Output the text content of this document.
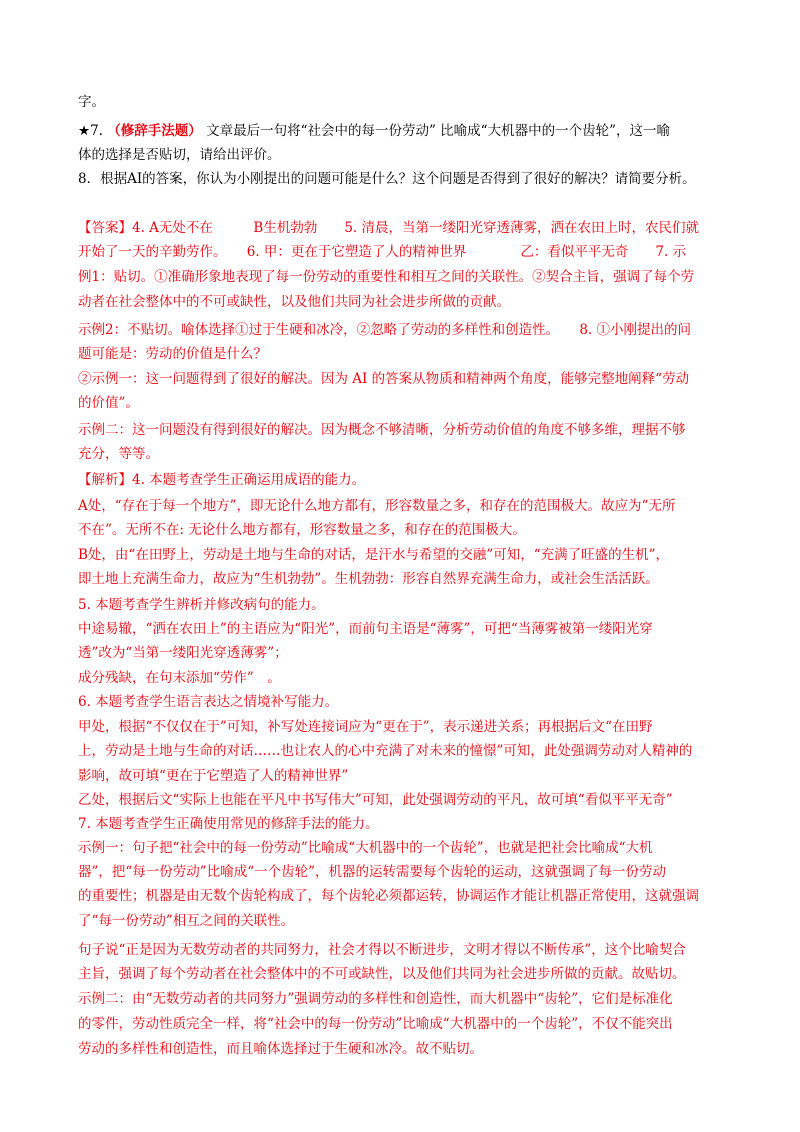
字。
★7. （修辞手法题） 文章最后一句将“社会中的每一份劳动” 比喻成“大机器中的一个齿轮”，这一喻
体的选择是否贴切，请给出评价。
8．根据AI的答案，你认为小刚提出的问题可能是什么？这个问题是否得到了很好的解决？请简要分析。
【答案】4. A无处不在　　　B生机勃勃　　5. 清晨，当第一缕阳光穿透薄雾，洒在农田上时，农民们就
开始了一天的辛勤劳作。　　6. 甲：更在于它塑造了人的精神世界　　　　乙：看似平平无奇　　7. 示
例1：贴切。①准确形象地表现了每一份劳动的重要性和相互之间的关联性。②契合主旨，强调了每个劳
动者在社会整体中的不可或缺性，以及他们共同为社会进步所做的贡献。
示例2：不贴切。喻体选择①过于生硬和冰冷，②忽略了劳动的多样性和创造性。　　8. ①小刚提出的问
题可能是：劳动的价值是什么？
②示例一：这一问题得到了很好的解决。因为 AI 的答案从物质和精神两个角度，能够完整地阐释“劳动
的价值”。
示例二：这一问题没有得到很好的解决。因为概念不够清晰，分析劳动价值的角度不够多维，理据不够
充分，等等。
【解析】4. 本题考查学生正确运用成语的能力。
A处，“存在于每一个地方”，即无论什么地方都有，形容数量之多，和存在的范围极大。故应为“无所
不在”。无所不在: 无论什么地方都有，形容数量之多，和存在的范围极大。
B处，由“在田野上，劳动是土地与生命的对话，是汗水与希望的交融”可知，“充满了旺盛的生机”，
即土地上充满生命力，故应为“生机勃勃”。生机勃勃：形容自然界充满生命力，或社会生活活跃。
5. 本题考查学生辨析并修改病句的能力。
中途易辙，“洒在农田上”的主语应为“阳光”，而前句主语是“薄雾”，可把“当薄雾被第一缕阳光穿
透”改为“当第一缕阳光穿透薄雾”；
成分残缺，在句末添加“劳作”　。
6. 本题考查学生语言表达之情境补写能力。
甲处，根据“不仅仅在于”可知，补写处连接词应为“更在于”，表示递进关系；再根据后文“在田野
上，劳动是土地与生命的对话……也让农人的心中充满了对未来的憧憬”可知，此处强调劳动对人精神的
影响，故可填“更在于它塑造了人的精神世界”
乙处，根据后文“实际上也能在平凡中书写伟大”可知，此处强调劳动的平凡，故可填“看似平平无奇”
7. 本题考查学生正确使用常见的修辞手法的能力。
示例一：句子把“社会中的每一份劳动”比喻成“大机器中的一个齿轮”，也就是把社会比喻成“大机
器”，把“每一份劳动”比喻成“一个齿轮”，机器的运转需要每个齿轮的运动，这就强调了每一份劳动
的重要性；机器是由无数个齿轮构成了，每个齿轮必须都运转，协调运作才能让机器正常使用，这就强调
了“每一份劳动”相互之间的关联性。
句子说“正是因为无数劳动者的共同努力，社会才得以不断进步，文明才得以不断传承”，这个比喻契合
主旨，强调了每个劳动者在社会整体中的不可或缺性，以及他们共同为社会进步所做的贡献。故贴切。
示例二：由“无数劳动者的共同努力”强调劳动的多样性和创造性，而大机器中“齿轮”，它们是标准化
的零件，劳动性质完全一样，将“社会中的每一份劳动”比喻成“大机器中的一个齿轮”，不仅不能突出
劳动的多样性和创造性，而且喻体选择过于生硬和冰冷。故不贴切。
